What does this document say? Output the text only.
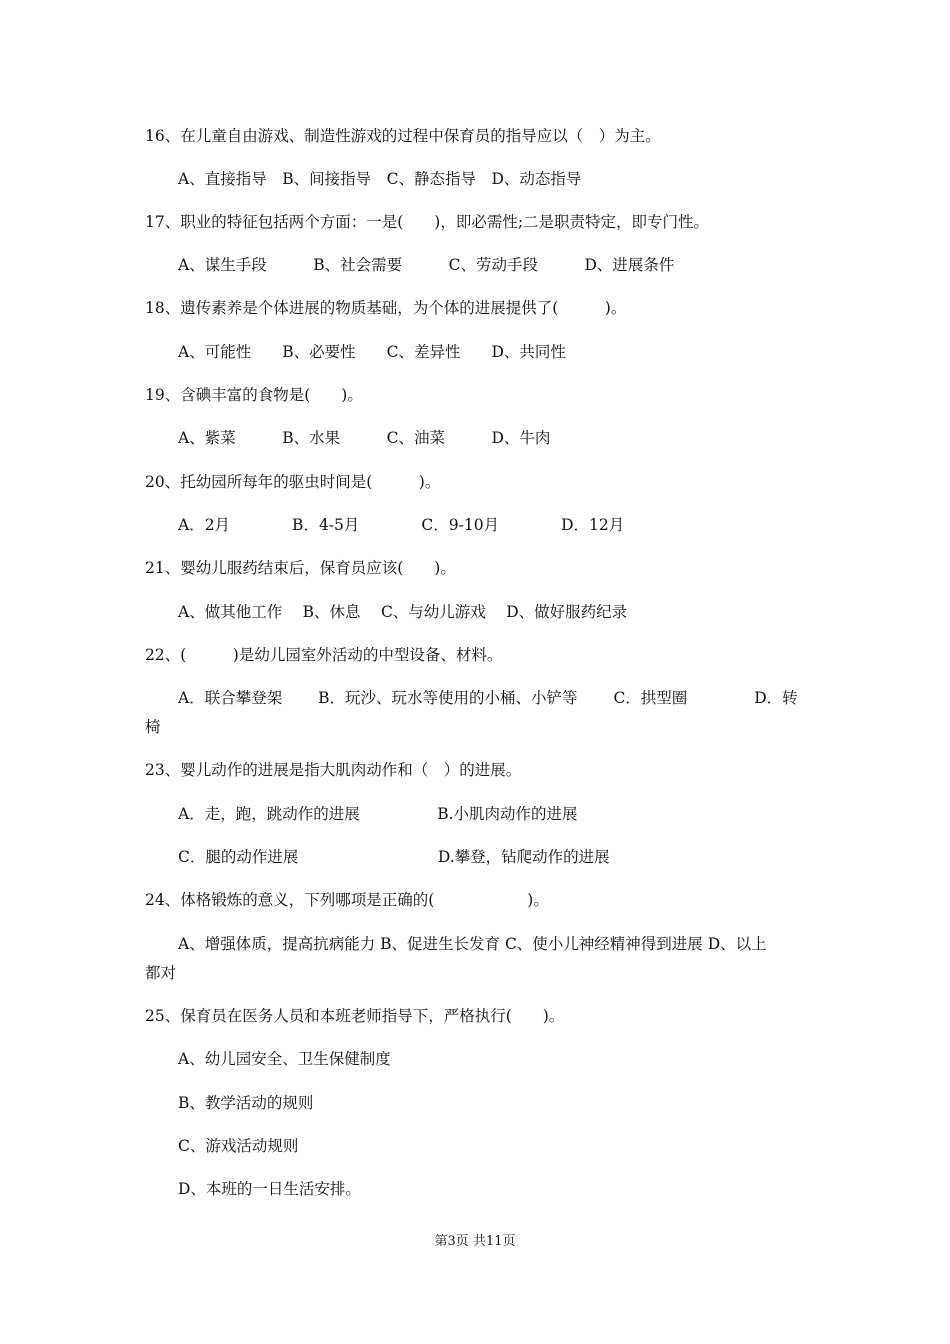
16、在儿童自由游戏、制造性游戏的过程中保育员的指导应以（　）为主。

A、直接指导　B、间接指导　C、静态指导　D、动态指导

17、职业的特征包括两个方面：一是(　　)，即必需性;二是职责特定，即专门性。

A、谋生手段　　　B、社会需要　　　C、劳动手段　　　D、进展条件

18、遗传素养是个体进展的物质基础，为个体的进展提供了(　　　)。

A、可能性　　B、必要性　　C、差异性　　D、共同性

19、含碘丰富的食物是(　　)。

A、紫菜　　　B、水果　　　C、油菜　　　D、牛肉

20、托幼园所每年的驱虫时间是(　　　)。

A．2月　　　　B．4-5月　　　　C．9-10月　　　　D．12月

21、婴幼儿服药结束后，保育员应该(　　)。

A、做其他工作　 B、休息　 C、与幼儿游戏　 D、做好服药纪录

22、(　　　)是幼儿园室外活动的中型设备、材料。

A．联合攀登架　　 B．玩沙、玩水等使用的小桶、小铲等　　 C．拱型圈　　　　 D．转

椅

23、婴儿动作的进展是指大肌肉动作和（　）的进展。

A．走，跑，跳动作的进展　　　　　B.小肌肉动作的进展

C．腿的动作进展　　　　　　　　　D.攀登，钻爬动作的进展

24、体格锻炼的意义，下列哪项是正确的(　　　　　　)。

A、增强体质，提高抗病能力 B、促进生长发育 C、使小儿神经精神得到进展 D、以上

都对

25、保育员在医务人员和本班老师指导下，严格执行(　　)。

A、幼儿园安全、卫生保健制度

B、教学活动的规则

C、游戏活动规则

D、本班的一日生活安排。

第3页 共11页
